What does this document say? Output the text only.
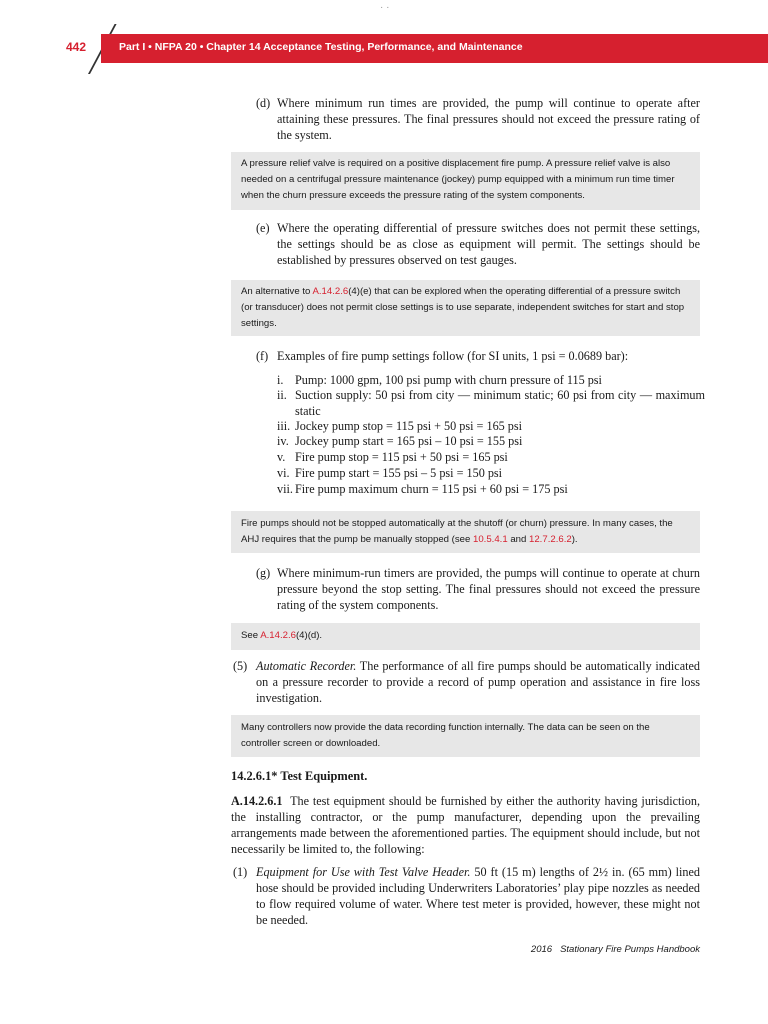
· ·
442	Part I • NFPA 20 • Chapter 14 Acceptance Testing, Performance, and Maintenance
(d) Where minimum run times are provided, the pump will continue to operate after attaining these pressures. The final pressures should not exceed the pressure rating of the system.
A pressure relief valve is required on a positive displacement fire pump. A pressure relief valve is also needed on a centrifugal pressure maintenance (jockey) pump equipped with a minimum run time timer when the churn pressure exceeds the pressure rating of the system components.
(e) Where the operating differential of pressure switches does not permit these settings, the settings should be as close as equipment will permit. The settings should be established by pressures observed on test gauges.
An alternative to A.14.2.6(4)(e) that can be explored when the operating differential of a pressure switch (or transducer) does not permit close settings is to use separate, independent switches for start and stop settings.
(f) Examples of fire pump settings follow (for SI units, 1 psi = 0.0689 bar):
i. Pump: 1000 gpm, 100 psi pump with churn pressure of 115 psi
ii. Suction supply: 50 psi from city — minimum static; 60 psi from city — maximum static
iii. Jockey pump stop = 115 psi + 50 psi = 165 psi
iv. Jockey pump start = 165 psi – 10 psi = 155 psi
v. Fire pump stop = 115 psi + 50 psi = 165 psi
vi. Fire pump start = 155 psi – 5 psi = 150 psi
vii. Fire pump maximum churn = 115 psi + 60 psi = 175 psi
Fire pumps should not be stopped automatically at the shutoff (or churn) pressure. In many cases, the AHJ requires that the pump be manually stopped (see 10.5.4.1 and 12.7.2.6.2).
(g) Where minimum-run timers are provided, the pumps will continue to operate at churn pressure beyond the stop setting. The final pressures should not exceed the pressure rating of the system components.
See A.14.2.6(4)(d).
(5) Automatic Recorder. The performance of all fire pumps should be automatically indicated on a pressure recorder to provide a record of pump operation and assistance in fire loss investigation.
Many controllers now provide the data recording function internally. The data can be seen on the controller screen or downloaded.
14.2.6.1* Test Equipment.
A.14.2.6.1 The test equipment should be furnished by either the authority having jurisdiction, the installing contractor, or the pump manufacturer, depending upon the prevailing arrangements made between the aforementioned parties. The equipment should include, but not necessarily be limited to, the following:
(1) Equipment for Use with Test Valve Header. 50 ft (15 m) lengths of 2½ in. (65 mm) lined hose should be provided including Underwriters Laboratories’ play pipe nozzles as needed to flow required volume of water. Where test meter is provided, however, these might not be needed.
2016 Stationary Fire Pumps Handbook
